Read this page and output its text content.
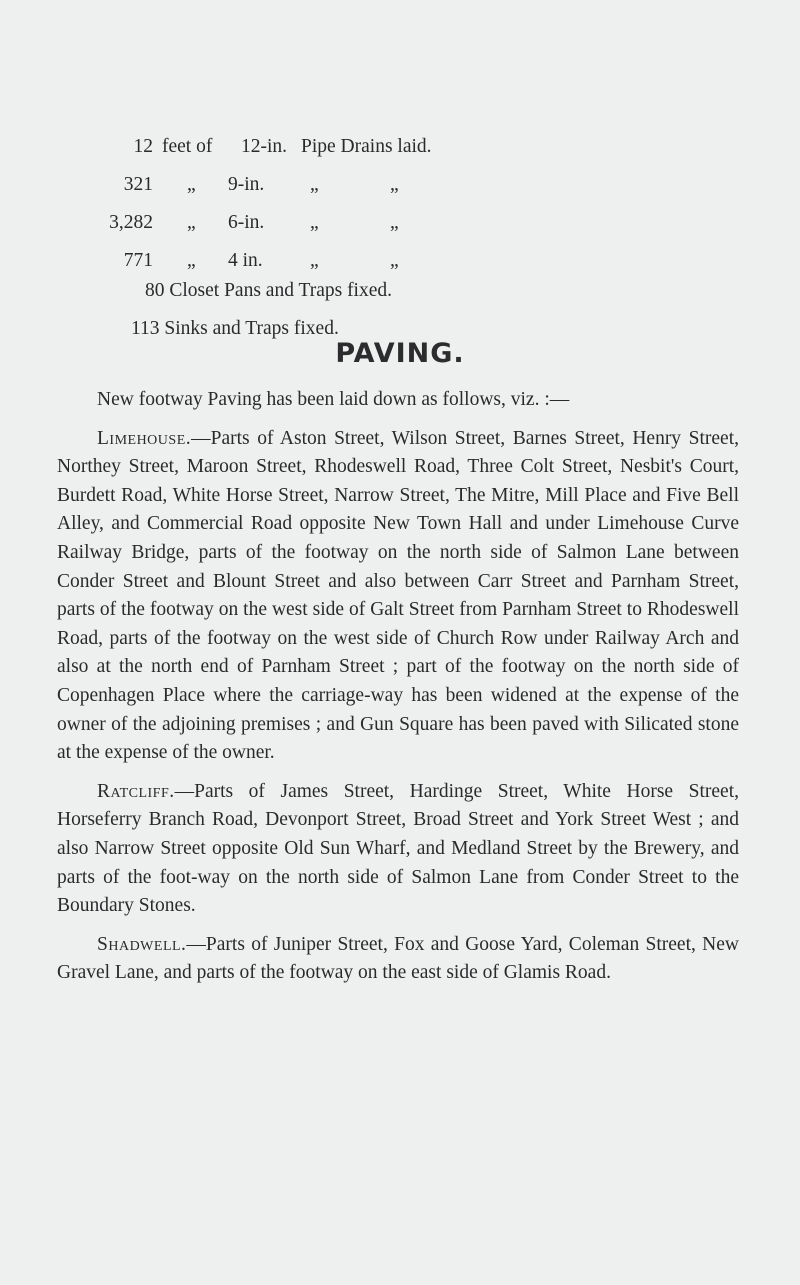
12 feet of 12-in. Pipe Drains laid.
321 „ 9-in. „	„
3,282 „ 6-in. „	„
771 „ 4 in. „	„
80 Closet Pans and Traps fixed.
113 Sinks and Traps fixed.
PAVING.

New footway Paving has been laid down as follows, viz. :—

Limehouse.—Parts of Aston Street, Wilson Street, Barnes Street, Henry Street, Northey Street, Maroon Street, Rhodeswell Road, Three Colt Street, Nesbit's Court, Burdett Road, White Horse Street, Narrow Street, The Mitre, Mill Place and Five Bell Alley, and Commercial Road opposite New Town Hall and under Limehouse Curve Railway Bridge, parts of the footway on the north side of Salmon Lane between Conder Street and Blount Street and also between Carr Street and Parnham Street, parts of the footway on the west side of Galt Street from Parnham Street to Rhodeswell Road, parts of the footway on the west side of Church Row under Railway Arch and also at the north end of Parnham Street ; part of the footway on the north side of Copenhagen Place where the carriage-way has been widened at the expense of the owner of the adjoining premises ; and Gun Square has been paved with Silicated stone at the expense of the owner.

Ratcliff.—Parts of James Street, Hardinge Street, White Horse Street, Horseferry Branch Road, Devonport Street, Broad Street and York Street West ; and also Narrow Street opposite Old Sun Wharf, and Medland Street by the Brewery, and parts of the foot-way on the north side of Salmon Lane from Conder Street to the Boundary Stones.

Shadwell.—Parts of Juniper Street, Fox and Goose Yard, Coleman Street, New Gravel Lane, and parts of the footway on the east side of Glamis Road.
